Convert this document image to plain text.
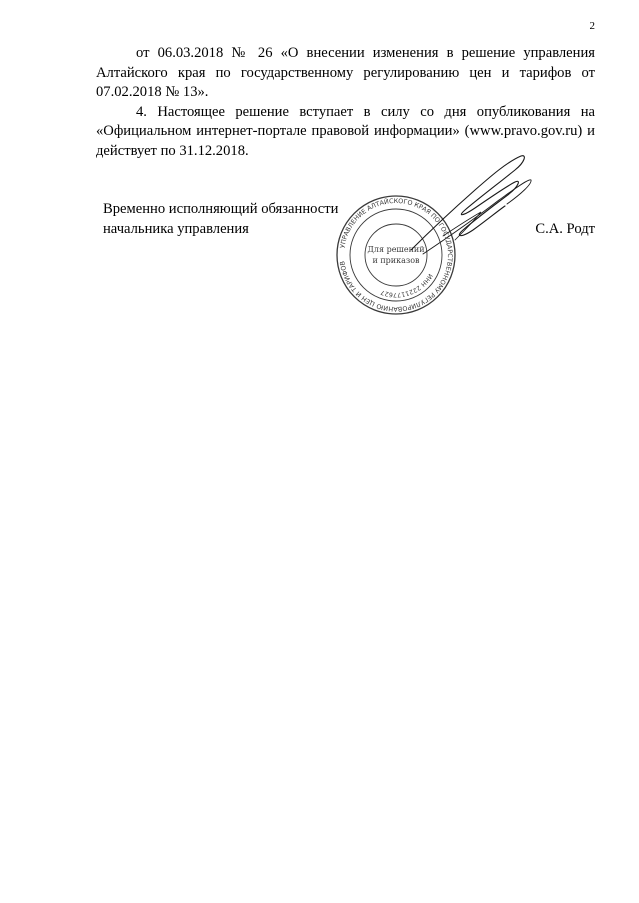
2

от 06.03.2018 № 26 «О внесении изменения в решение управления Алтайского края по государственному регулированию цен и тарифов от 07.02.2018 № 13».

4. Настоящее решение вступает в силу со дня опубликования на «Официальном интернет-портале правовой информации» (www.pravo.gov.ru) и действует по 31.12.2018.

Временно исполняющий обязанности
начальника управления	С.А. Родт
УПРАВЛЕНИЕ АЛТАЙСКОГО КРАЯ ПО ГОСУДАРСТВЕННОМУ РЕГУЛИРОВАНИЮ ЦЕН И ТАРИФОВ
ИНН 2221177627
Для решений
и приказов
